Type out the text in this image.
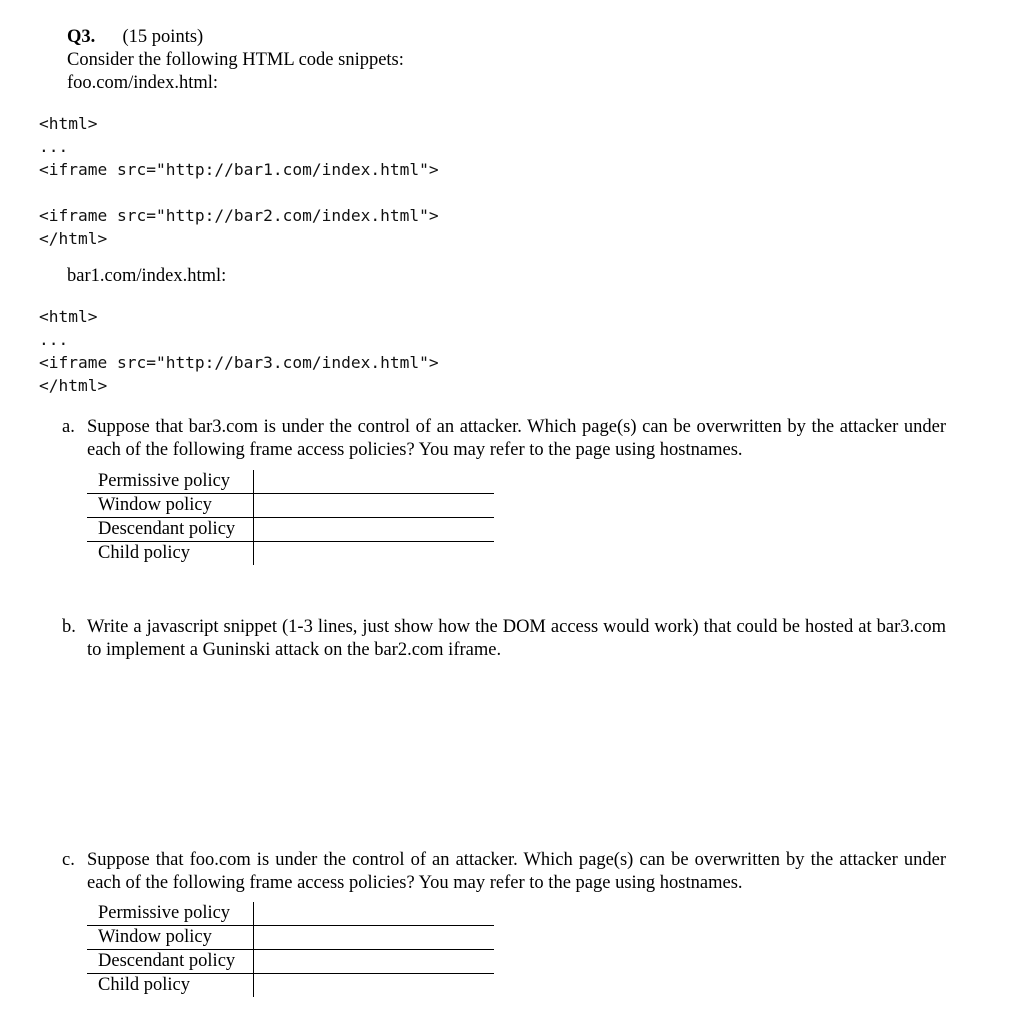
Q3. (15 points)
Consider the following HTML code snippets:
foo.com/index.html:
<html>
...
<iframe src="http://bar1.com/index.html">
<iframe src="http://bar2.com/index.html">
</html>
bar1.com/index.html:
<html>
...
<iframe src="http://bar3.com/index.html">
</html>
a. Suppose that bar3.com is under the control of an attacker. Which page(s) can be overwritten by the attacker under each of the following frame access policies? You may refer to the page using hostnames.
Permissive policy	
Window policy	
Descendant policy	
Child policy	
b. Write a javascript snippet (1-3 lines, just show how the DOM access would work) that could be hosted at bar3.com to implement a Guninski attack on the bar2.com iframe.
c. Suppose that foo.com is under the control of an attacker. Which page(s) can be overwritten by the attacker under each of the following frame access policies? You may refer to the page using hostnames.
Permissive policy	
Window policy	
Descendant policy	
Child policy	
